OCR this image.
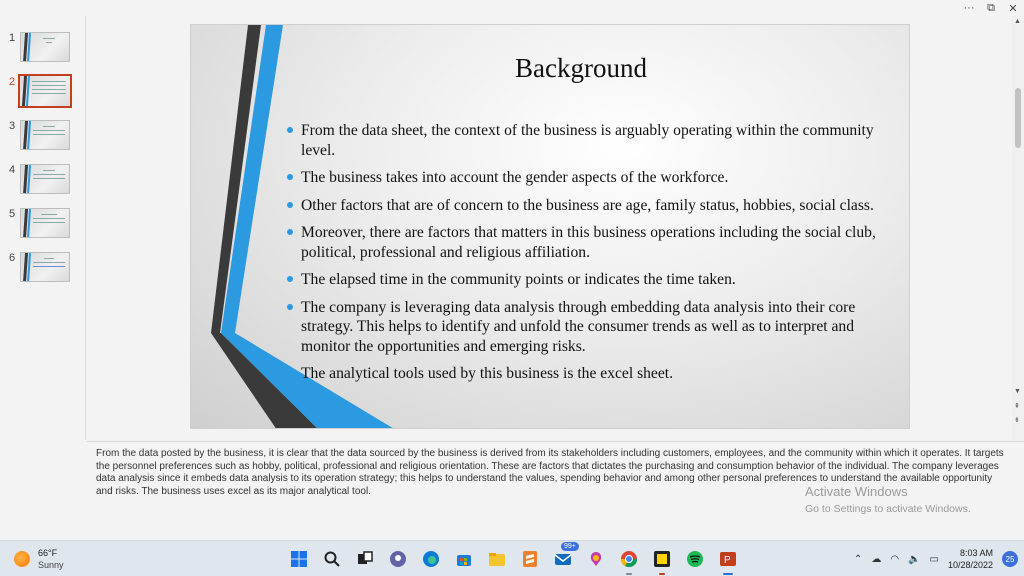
···	⧉	✕
1
2
3
4
5
6
Background
From the data sheet, the context of the business is arguably operating within the community level.
The business takes into account the gender aspects of the workforce.
Other factors that are of concern to the business are age, family status, hobbies, social class.
Moreover, there are factors that matters in this business operations including the social club, political, professional and religious affiliation.
The elapsed time in the community points or indicates the time taken.
The company is leveraging data analysis through embedding data analysis into their core strategy. This helps to identify and unfold the consumer trends as well as to interpret and monitor the opportunities and emerging risks.
The analytical tools used by this business is the excel sheet.
▲
▼
⇞
⇟

From the data posted by the business, it is clear that the data sourced by the business is derived from its stakeholders including customers, employees, and the community within which it operates. It targets the personnel preferences such as hobby, political, professional and religious orientation. These are factors that dictates the purchasing and consumption behavior of the individual. The company leverages data analysis since it embeds data analysis to its operation strategy; this helps to understand the values, spending behavior and among other personal preferences to understand the available opportunity and risks. The business uses excel as its major analytical tool.	Activate Windows
Go to Settings to activate Windows.
66°F
Sunny
99+
P	⌃ ☁ ◠ 🔈 ▭
8:03 AM
10/28/2022
25
